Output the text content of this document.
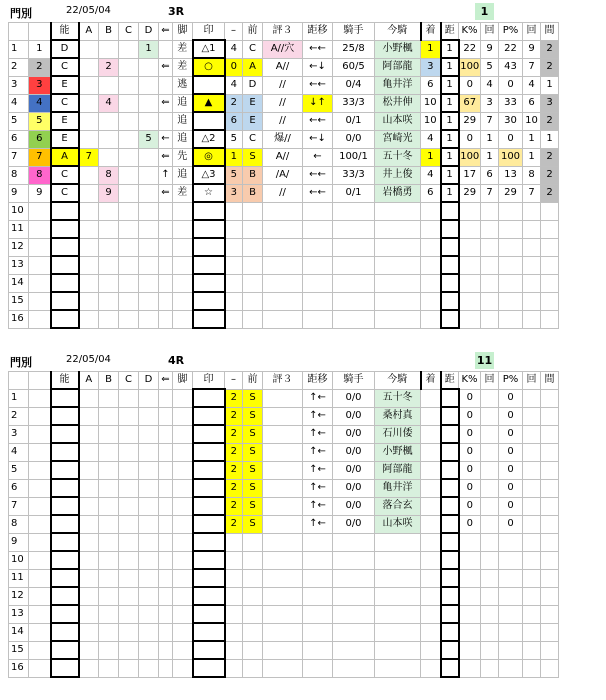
門別	22/05/04	3R	1
		能	A	B	C	D	⇐	脚	印	–	前	評３	距移	騎手	今騎	着	距	K%	回	P%	回	間
1	1	D				1		差	△1	4	C	A//穴	←←	25/8	小野楓	1	1	22	9	22	9	2
2	2	C		2			⇐	差	○	0	A	A//	←↓	60/5	阿部龍	3	1	100	5	43	7	2
3	3	E						逃		4	D	//	←←	0/4	亀井洋	6	1	0	4	0	4	1
4	4	C		4			⇐	追	▲	2	E	//	↓↑	33/3	松井伸	10	1	67	3	33	6	3
5	5	E						追		6	E	//	←←	0/1	山本咲	10	1	29	7	30	10	2
6	6	E				5	←	追	△2	5	C	爆//	←↓	0/0	宮崎光	4	1	0	1	0	1	1
7	7	A	7				⇐	先	◎	1	S	A//	←	100/1	五十冬	1	1	100	1	100	1	2
8	8	C		8			↑	追	△3	5	B	/A/	←←	33/3	井上俊	4	1	17	6	13	8	2
9	9	C		9			⇐	差	☆	3	B	//	←←	0/1	岩橋勇	6	1	29	7	29	7	2
10																						
11																						
12																						
13																						
14																						
15																						
16																						
門別	22/05/04	4R	11
		能	A	B	C	D	⇐	脚	印	–	前	評３	距移	騎手	今騎	着	距	K%	回	P%	回	間
1										2	S		↑←	0/0	五十冬			0		0		
2										2	S		↑←	0/0	桑村真			0		0		
3										2	S		↑←	0/0	石川倭			0		0		
4										2	S		↑←	0/0	小野楓			0		0		
5										2	S		↑←	0/0	阿部龍			0		0		
6										2	S		↑←	0/0	亀井洋			0		0		
7										2	S		↑←	0/0	落合玄			0		0		
8										2	S		↑←	0/0	山本咲			0		0		
9																						
10																						
11																						
12																						
13																						
14																						
15																						
16																						
